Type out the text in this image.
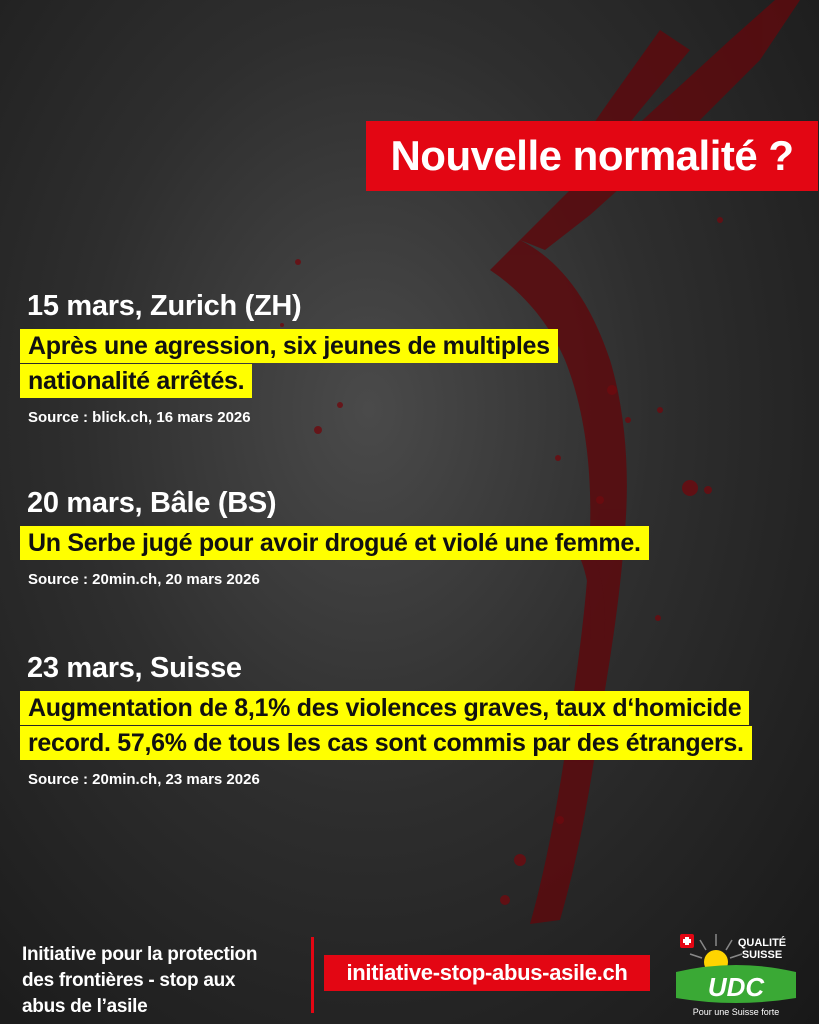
Nouvelle normalité ?
15 mars, Zurich (ZH)
Après une agression, six jeunes de multiples
nationalité arrêtés.
Source : blick.ch, 16 mars 2026
20 mars, Bâle (BS)
Un Serbe jugé pour avoir drogué et violé une femme.
Source : 20min.ch, 20 mars 2026
23 mars, Suisse
Augmentation de 8,1% des violences graves, taux d‘homicide
record. 57,6% de tous les cas sont commis par des étrangers.
Source : 20min.ch, 23 mars 2026
Initiative pour la protection
des frontières - stop aux
abus de l’asile
initiative-stop-abus-asile.ch
QUALITÉ
SUISSE
UDC
Pour une Suisse forte
